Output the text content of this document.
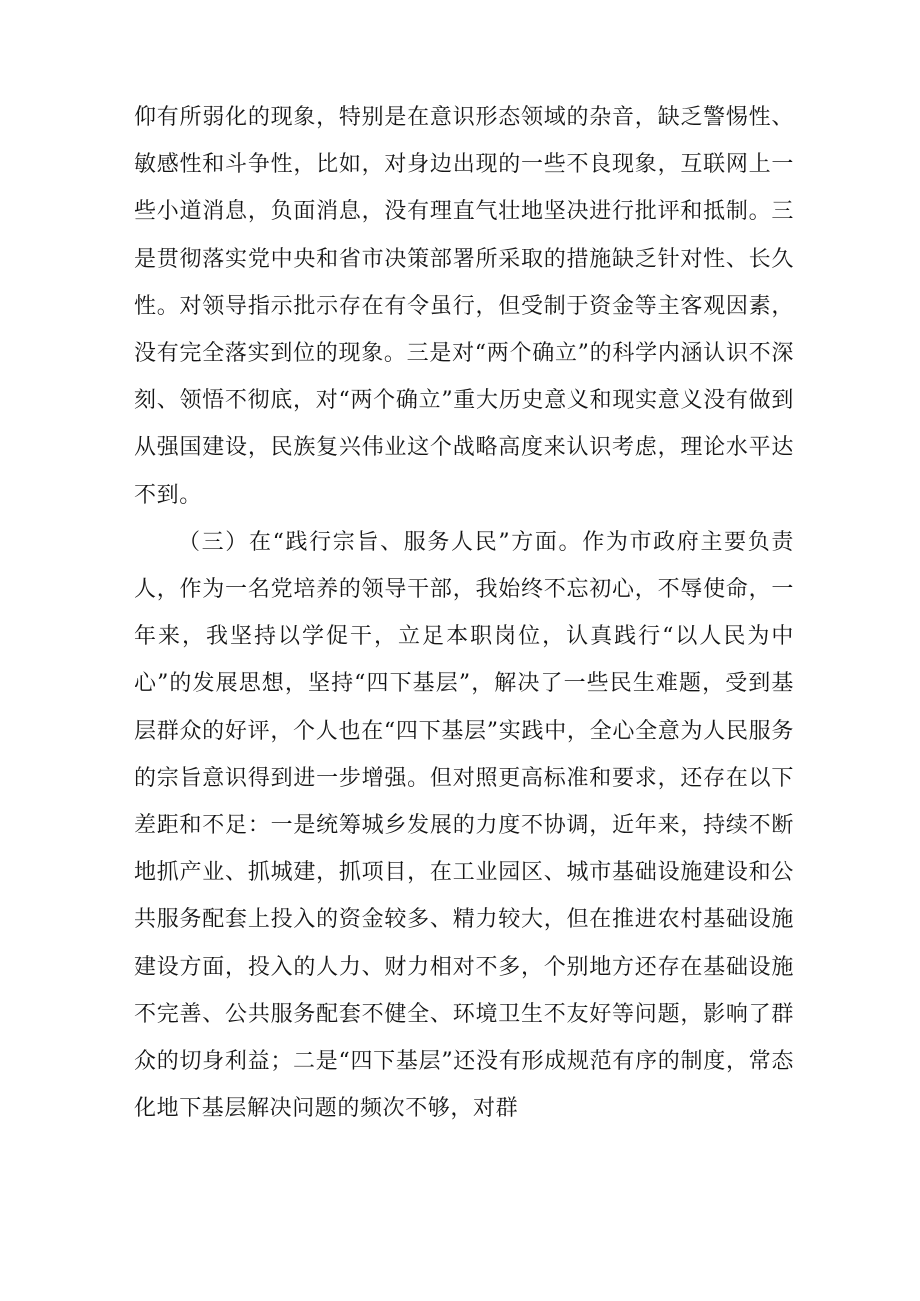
仰有所弱化的现象，特别是在意识形态领域的杂音，缺乏警惕性、敏感性和斗争性，比如，对身边出现的一些不良现象，互联网上一些小道消息，负面消息，没有理直气壮地坚决进行批评和抵制。三是贯彻落实党中央和省市决策部署所采取的措施缺乏针对性、长久性。对领导指示批示存在有令虽行，但受制于资金等主客观因素，没有完全落实到位的现象。三是对“两个确立”的科学内涵认识不深刻、领悟不彻底，对“两个确立”重大历史意义和现实意义没有做到从强国建设，民族复兴伟业这个战略高度来认识考虑，理论水平达不到。

（三）在“践行宗旨、服务人民”方面。作为市政府主要负责人，作为一名党培养的领导干部，我始终不忘初心，不辱使命，一年来，我坚持以学促干，立足本职岗位，认真践行“以人民为中心”的发展思想，坚持“四下基层”，解决了一些民生难题，受到基层群众的好评，个人也在“四下基层”实践中，全心全意为人民服务的宗旨意识得到进一步增强。但对照更高标准和要求，还存在以下差距和不足：一是统筹城乡发展的力度不协调，近年来，持续不断地抓产业、抓城建，抓项目，在工业园区、城市基础设施建设和公共服务配套上投入的资金较多、精力较大，但在推进农村基础设施建设方面，投入的人力、财力相对不多，个别地方还存在基础设施不完善、公共服务配套不健全、环境卫生不友好等问题，影响了群众的切身利益；二是“四下基层”还没有形成规范有序的制度，常态化地下基层解决问题的频次不够，对群
